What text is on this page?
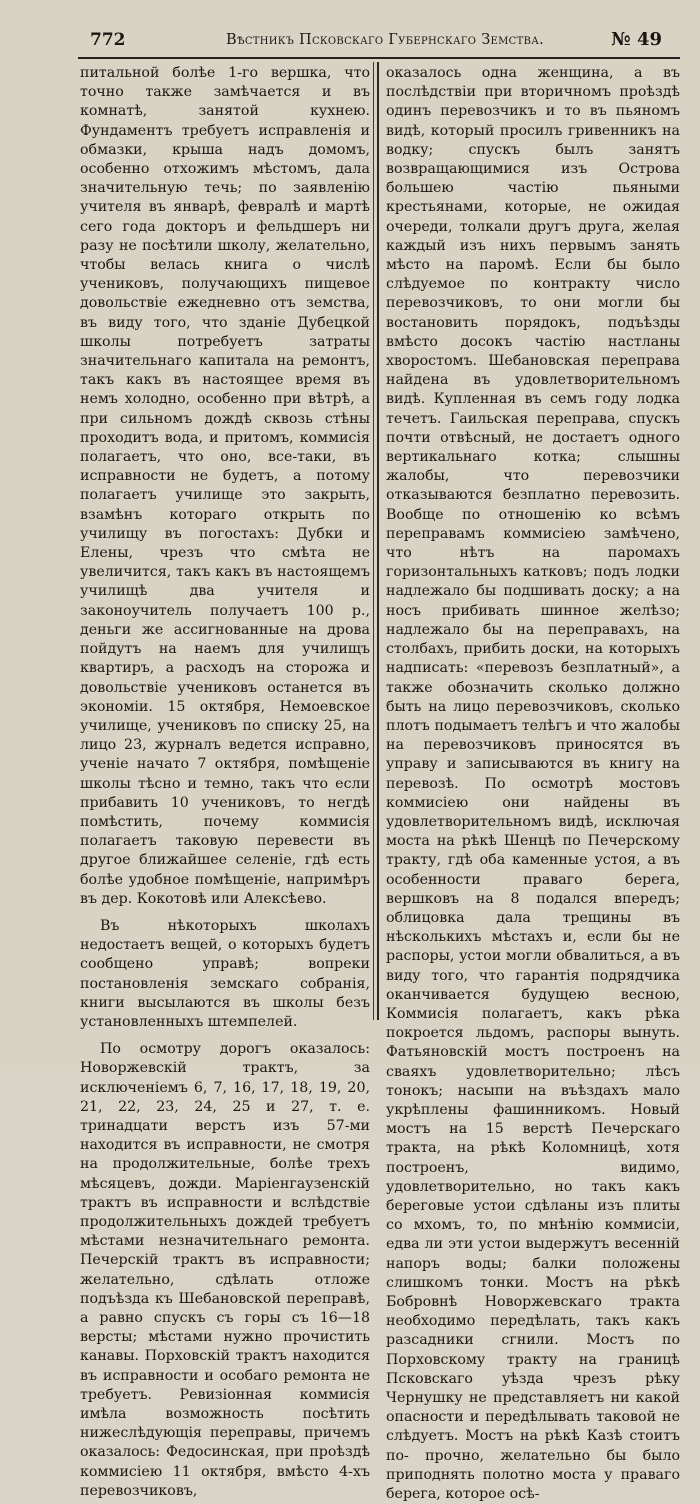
772	Вѣстникъ Псковскаго Губернскаго Земства.	№ 49

питальной болѣе 1-го вершка, что точно также замѣчается и въ комнатѣ, занятой кухнею. Фундаментъ требуетъ исправленія и обмазки, крыша надъ домомъ, особенно отхожимъ мѣстомъ, дала значительную течь; по заявленію учителя въ январѣ, февралѣ и мартѣ сего года докторъ и фельдшеръ ни разу не посѣтили школу, желательно, чтобы велась книга о числѣ учениковъ, получающихъ пищевое довольствіе ежедневно отъ земства, въ виду того, что зданіе Дубецкой школы потребуетъ затраты значительнаго капитала на ремонтъ, такъ какъ въ настоящее время въ немъ холодно, особенно при вѣтрѣ, а при сильномъ дождѣ сквозь стѣны проходитъ вода, и притомъ, коммисія полагаетъ, что оно, все-таки, въ исправности не будетъ, а потому полагаетъ училище это закрыть, взамѣнъ котораго открыть по училищу въ погостахъ: Дубки и Елены, чрезъ что смѣта не увеличится, такъ какъ въ настоящемъ училищѣ два учителя и законоучитель получаетъ 100 р., деньги же ассигнованные на дрова пойдутъ на наемъ для училищъ квартиръ, а расходъ на сторожа и довольствіе учениковъ останется въ экономіи. 15 октября, Немоевское училище, учениковъ по списку 25, на лицо 23, журналъ ведется исправно, ученіе начато 7 октября, помѣщеніе школы тѣсно и темно, такъ что если прибавить 10 учениковъ, то негдѣ помѣстить, почему коммисія полагаетъ таковую перевести въ другое ближайшее селеніе, гдѣ есть болѣе удобное помѣщеніе, напримѣръ въ дер. Кокотовѣ или Алексѣево.

Въ нѣкоторыхъ школахъ недостаетъ вещей, о которыхъ будетъ сообщено управѣ; вопреки постановленія земскаго собранія, книги высылаются въ школы безъ установленныхъ штемпелей.

По осмотру дорогъ оказалось: Новоржевскій трактъ, за исключеніемъ 6, 7, 16, 17, 18, 19, 20, 21, 22, 23, 24, 25 и 27, т. е. тринадцати верстъ изъ 57-ми находится въ исправности, не смотря на продолжительные, болѣе трехъ мѣсяцевъ, дожди. Маріенгаузенскій трактъ въ исправности и вслѣдствіе продолжительныхъ дождей требуетъ мѣстами незначительнаго ремонта. Печерскій трактъ въ исправности; желательно, сдѣлать отложе подъѣзда къ Шебановской переправѣ, а равно спускъ съ горы съ 16—18 версты; мѣстами нужно прочистить канавы. Порховскій трактъ находится въ исправности и особаго ремонта не требуетъ. Ревизіонная коммисія имѣла возможность посѣтить нижеслѣдующія переправы, причемъ оказалось: Федосинская, при проѣздѣ коммисіею 11 октября, вмѣсто 4-хъ перевозчиковъ,

оказалось одна женщина, а въ послѣдствіи при вторичномъ проѣздѣ одинъ перевозчикъ и то въ пьяномъ видѣ, который просилъ гривенникъ на водку; спускъ былъ занятъ возвращающимися изъ Острова большею частію пьяными крестьянами, которые, не ожидая очереди, толкали другъ друга, желая каждый изъ нихъ первымъ занять мѣсто на паромѣ. Если бы было слѣдуемое по контракту число перевозчиковъ, то они могли бы востановить порядокъ, подъѣзды вмѣсто досокъ частію настланы хворостомъ. Шебановская переправа найдена въ удовлетворительномъ видѣ. Купленная въ семъ году лодка течетъ. Гаильская переправа, спускъ почти отвѣсный, не достаетъ одного вертикальнаго котка; слышны жалобы, что перевозчики отказываются безплатно перевозить. Вообще по отношенію ко всѣмъ переправамъ коммисіею замѣчено, что нѣтъ на паромахъ горизонтальныхъ катковъ; подъ лодки надлежало бы подшивать доску; а на носъ прибивать шинное желѣзо; надлежало бы на переправахъ, на столбахъ, прибить доски, на которыхъ надписать: «перевозъ безплатный», а также обозначить сколько должно быть на лицо перевозчиковъ, сколько плотъ подымаетъ телѣгъ и что жалобы на перевозчиковъ приносятся въ управу и записываются въ книгу на перевозѣ. По осмотрѣ мостовъ коммисіею они найдены въ удовлетворительномъ видѣ, исключая моста на рѣкѣ Шенцѣ по Печерскому тракту, гдѣ оба каменные устоя, а въ особенности праваго берега, вершковъ на 8 подался впередъ; облицовка дала трещины въ нѣсколькихъ мѣстахъ и, если бы не распоры, устои могли обвалиться, а въ виду того, что гарантія подрядчика оканчивается будущею весною, Коммисія полагаетъ, какъ рѣка покроется льдомъ, распоры вынуть. Фатьяновскій мостъ построенъ на сваяхъ удовлетворительно; лѣсъ тонокъ; насыпи на въѣздахъ мало укрѣплены фашинникомъ. Новый мостъ на 15 верстѣ Печерскаго тракта, на рѣкѣ Коломницѣ, хотя построенъ, видимо, удовлетворительно, но такъ какъ береговые устои сдѣланы изъ плиты со мхомъ, то, по мнѣнію коммисіи, едва ли эти устои выдержутъ весенній напоръ воды; балки положены слишкомъ тонки. Мостъ на рѣкѣ Бобровнѣ Новоржевскаго тракта необходимо передѣлать, такъ какъ разсадники сгнили. Мостъ по Порховскому тракту на границѣ Псковскаго уѣзда чрезъ рѣку Чернушку не представляетъ ни какой опасности и передѣлывать таковой не слѣдуетъ. Мостъ на рѣкѣ Казѣ стоитъ по- прочно, желательно бы было приподнять полотно моста у праваго берега, которое осѣ-
